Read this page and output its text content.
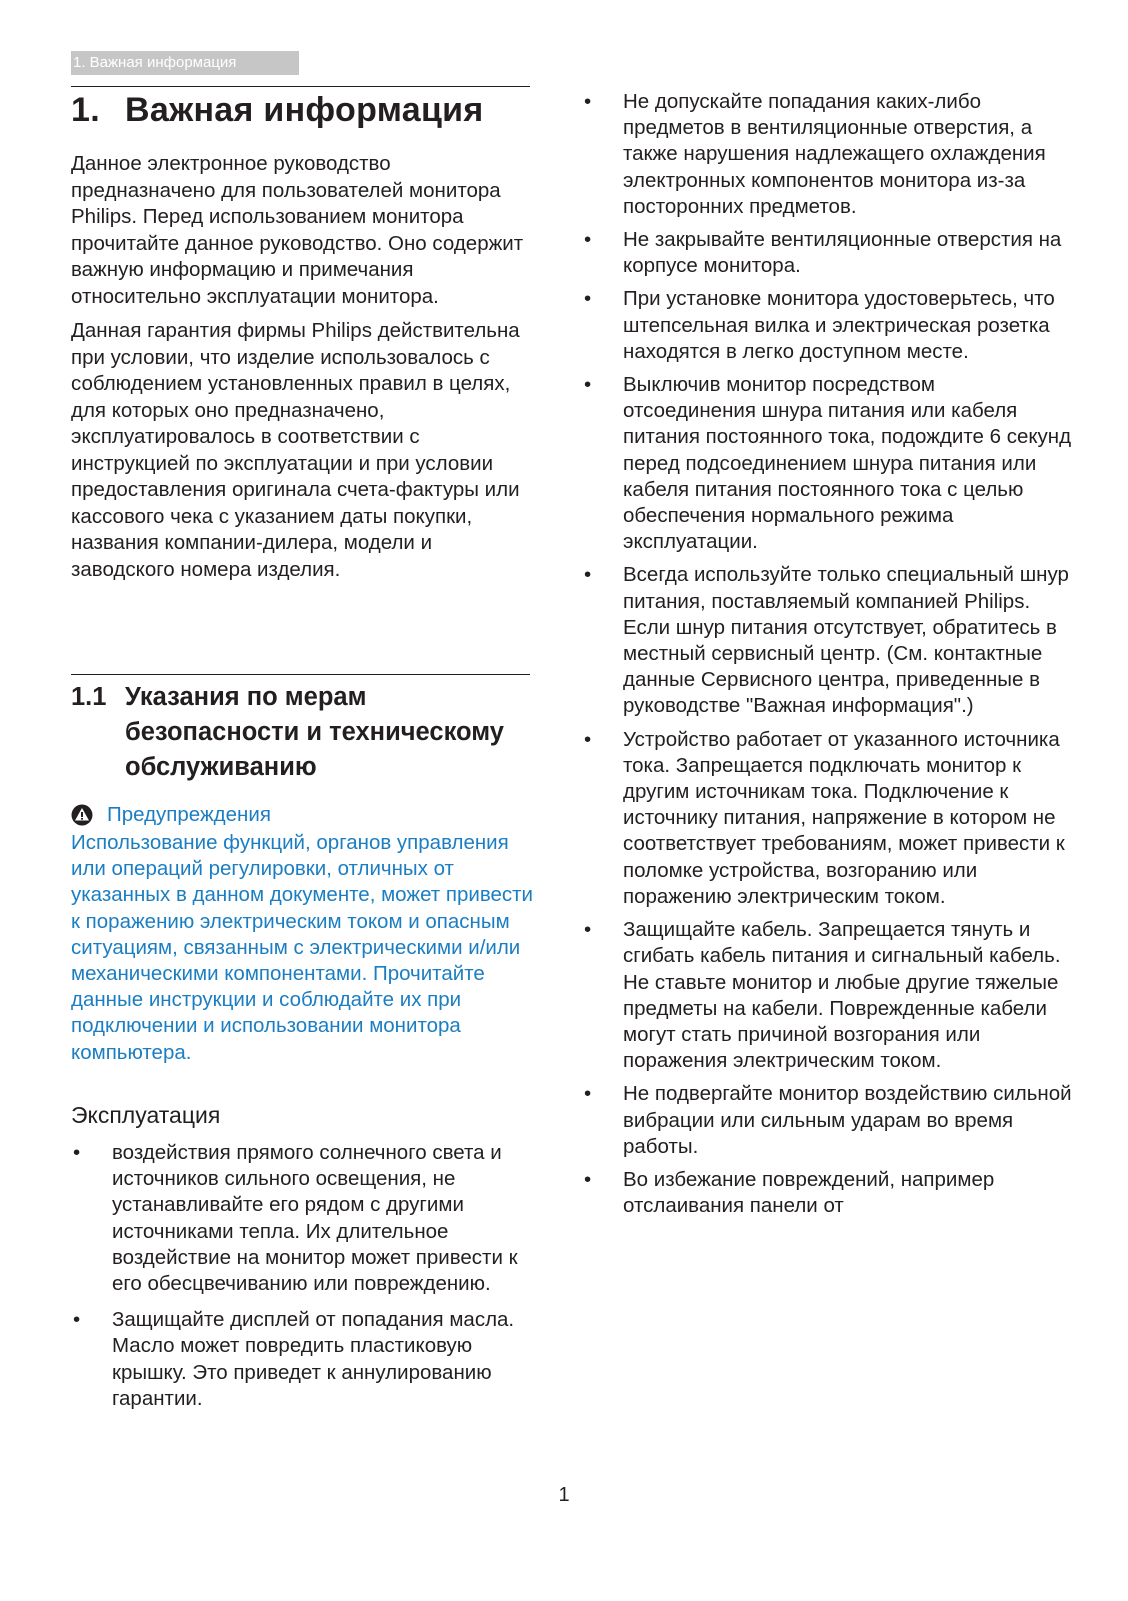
1. Важная информация
1. Важная информация

Данное электронное руководство предназначено для пользователей монитора Philips. Перед использованием монитора прочитайте данное руководство. Оно содержит важную информацию и примечания относительно эксплуатации монитора.

Данная гарантия фирмы Philips действительна при условии, что изделие использовалось с соблюдением установленных правил в целях, для которых оно предназначено, эксплуатировалось в соответствии с инструкцией по эксплуатации и при условии предоставления оригинала счета-фактуры или кассового чека с указанием даты покупки, названия компании-дилера, модели и заводского номера изделия.

1.1 Указания по мерам безопасности и техническому обслуживанию
Предупреждения

Использование функций, органов управления или операций регулировки, отличных от указанных в данном документе, может привести к поражению электрическим током и опасным ситуациям, связанным с электрическими и/или механическими компонентами. Прочитайте данные инструкции и соблюдайте их при подключении и использовании монитора компьютера.

Эксплуатация

• воздействия прямого солнечного света и источников сильного освещения, не устанавливайте его рядом с другими источниками тепла. Их длительное воздействие на монитор может привести к его обесцвечиванию или повреждению.
• Защищайте дисплей от попадания масла. Масло может повредить пластиковую крышку. Это приведет к аннулированию гарантии.
• Не допускайте попадания каких-либо предметов в вентиляционные отверстия, а также нарушения надлежащего охлаждения электронных компонентов монитора из-за посторонних предметов.
• Не закрывайте вентиляционные отверстия на корпусе монитора.
• При установке монитора удостоверьтесь, что штепсельная вилка и электрическая розетка находятся в легко доступном месте.
• Выключив монитор посредством отсоединения шнура питания или кабеля питания постоянного тока, подождите 6 секунд перед подсоединением шнура питания или кабеля питания постоянного тока с целью обеспечения нормального режима эксплуатации.
• Всегда используйте только специальный шнур питания, поставляемый компанией Philips. Если шнур питания отсутствует, обратитесь в местный сервисный центр. (См. контактные данные Сервисного центра, приведенные в руководстве "Важная информация".)
• Устройство работает от указанного источника тока. Запрещается подключать монитор к другим источникам тока. Подключение к источнику питания, напряжение в котором не соответствует требованиям, может привести к поломке устройства, возгоранию или поражению электрическим током.
• Защищайте кабель. Запрещается тянуть и сгибать кабель питания и сигнальный кабель. Не ставьте монитор и любые другие тяжелые предметы на кабели. Поврежденные кабели могут стать причиной возгорания или поражения электрическим током.
• Не подвергайте монитор воздействию сильной вибрации или сильным ударам во время работы.
• Во избежание повреждений, например отслаивания панели от
1
